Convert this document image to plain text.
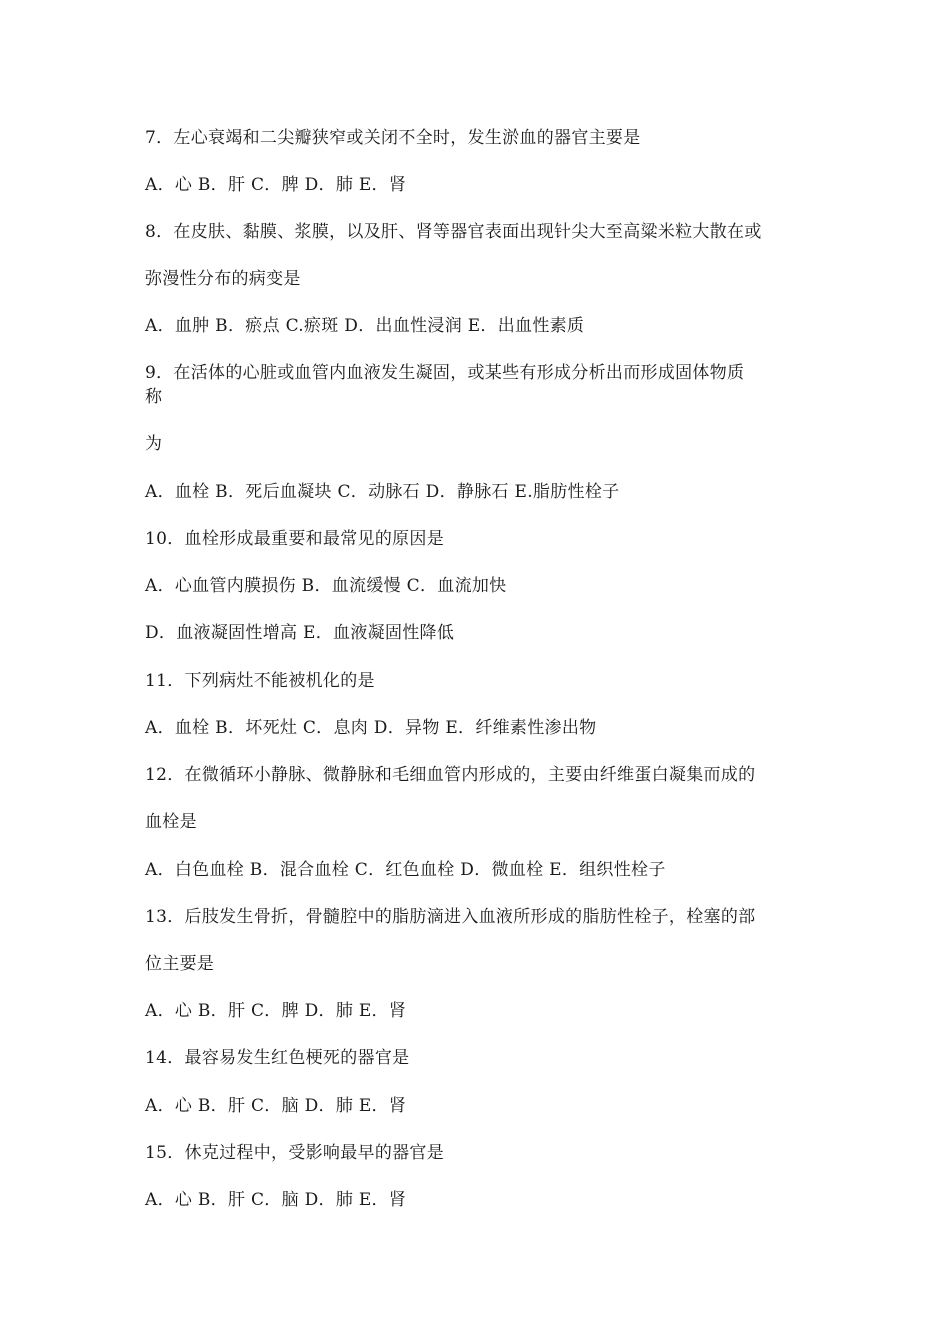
7．左心衰竭和二尖瓣狭窄或关闭不全时，发生淤血的器官主要是
A．心 B．肝 C．脾 D．肺 E．肾
8．在皮肤、黏膜、浆膜，以及肝、肾等器官表面出现针尖大至高粱米粒大散在或
弥漫性分布的病变是
A．血肿 B．瘀点 C.瘀斑 D．出血性浸润 E．出血性素质
9．在活体的心脏或血管内血液发生凝固，或某些有形成分析出而形成固体物质
称
为
A．血栓 B．死后血凝块 C．动脉石 D．静脉石 E.脂肪性栓子
10．血栓形成最重要和最常见的原因是
A．心血管内膜损伤 B．血流缓慢 C．血流加快
D．血液凝固性增高 E．血液凝固性降低
11．下列病灶不能被机化的是
A．血栓 B．坏死灶 C．息肉 D．异物 E．纤维素性渗出物
12．在微循环小静脉、微静脉和毛细血管内形成的，主要由纤维蛋白凝集而成的
血栓是
A．白色血栓 B．混合血栓 C．红色血栓 D．微血栓 E．组织性栓子
13．后肢发生骨折，骨髓腔中的脂肪滴进入血液所形成的脂肪性栓子，栓塞的部
位主要是
A．心 B．肝 C．脾 D．肺 E．肾
14．最容易发生红色梗死的器官是
A．心 B．肝 C．脑 D．肺 E．肾
15．休克过程中，受影响最早的器官是
A．心 B．肝 C．脑 D．肺 E．肾
